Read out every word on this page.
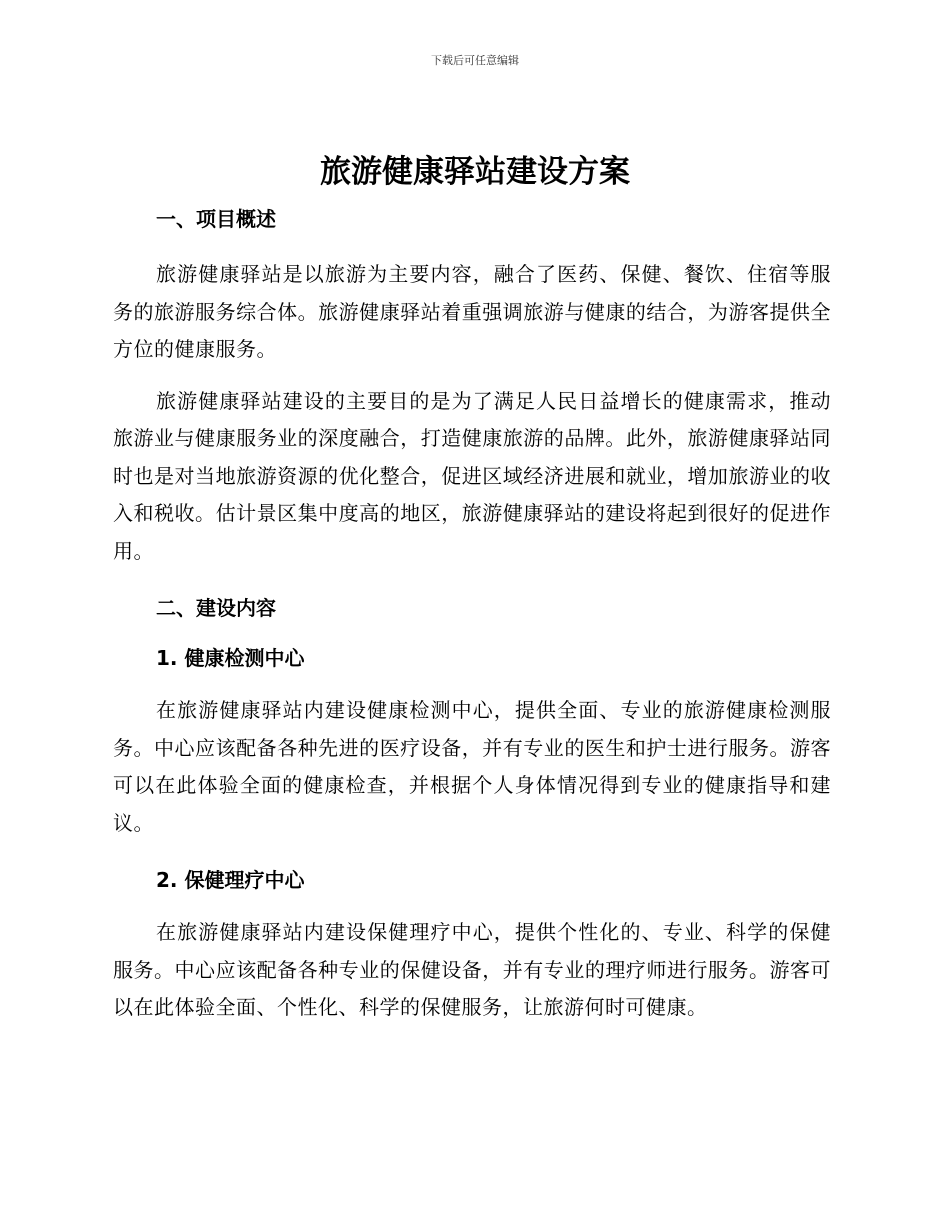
下载后可任意编辑
旅游健康驿站建设方案
一、项目概述

旅游健康驿站是以旅游为主要内容，融合了医药、保健、餐饮、住宿等服务的旅游服务综合体。旅游健康驿站着重强调旅游与健康的结合，为游客提供全方位的健康服务。

旅游健康驿站建设的主要目的是为了满足人民日益增长的健康需求，推动旅游业与健康服务业的深度融合，打造健康旅游的品牌。此外，旅游健康驿站同时也是对当地旅游资源的优化整合，促进区域经济进展和就业，增加旅游业的收入和税收。估计景区集中度高的地区，旅游健康驿站的建设将起到很好的促进作用。

二、建设内容
1. 健康检测中心

在旅游健康驿站内建设健康检测中心，提供全面、专业的旅游健康检测服务。中心应该配备各种先进的医疗设备，并有专业的医生和护士进行服务。游客可以在此体验全面的健康检查，并根据个人身体情况得到专业的健康指导和建议。

2. 保健理疗中心

在旅游健康驿站内建设保健理疗中心，提供个性化的、专业、科学的保健服务。中心应该配备各种专业的保健设备，并有专业的理疗师进行服务。游客可以在此体验全面、个性化、科学的保健服务，让旅游何时可健康。
